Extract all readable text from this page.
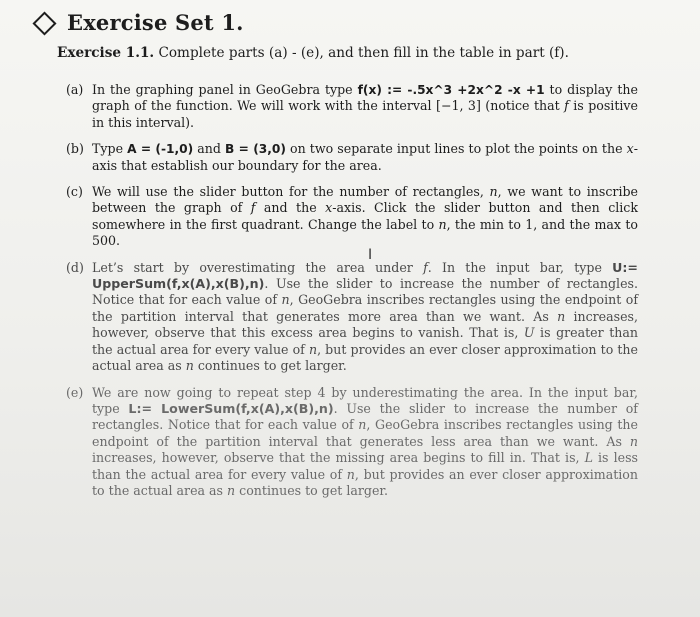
Exercise Set 1.
Exercise 1.1. Complete parts (a) - (e), and then fill in the table in part (f).
(a) In the graphing panel in GeoGebra type f(x) := -.5x^3 +2x^2 -x +1 to display the graph of the function. We will work with the interval [−1, 3] (notice that f is positive in this interval).
(b) Type A = (-1,0) and B = (3,0) on two separate input lines to plot the points on the x-axis that establish our boundary for the area.
(c) We will use the slider button for the number of rectangles, n, we want to inscribe between the graph of f and the x-axis. Click the slider button and then click somewhere in the first quadrant. Change the label to n, the min to 1, and the max to 500.
(d) Let’s start by overestimating the area under f. In the input bar, type U:= UpperSum(f,x(A),x(B),n). Use the slider to increase the number of rectangles. Notice that for each value of n, GeoGebra inscribes rectangles using the endpoint of the partition interval that generates more area than we want. As n increases, however, observe that this excess area begins to vanish. That is, U is greater than the actual area for every value of n, but provides an ever closer approximation to the actual area as n continues to get larger.
(e) We are now going to repeat step 4 by underestimating the area. In the input bar, type L:= LowerSum(f,x(A),x(B),n). Use the slider to increase the number of rectangles. Notice that for each value of n, GeoGebra inscribes rectangles using the endpoint of the partition interval that generates less area than we want. As n increases, however, observe that the missing area begins to fill in. That is, L is less than the actual area for every value of n, but provides an ever closer approximation to the actual area as n continues to get larger.
I
